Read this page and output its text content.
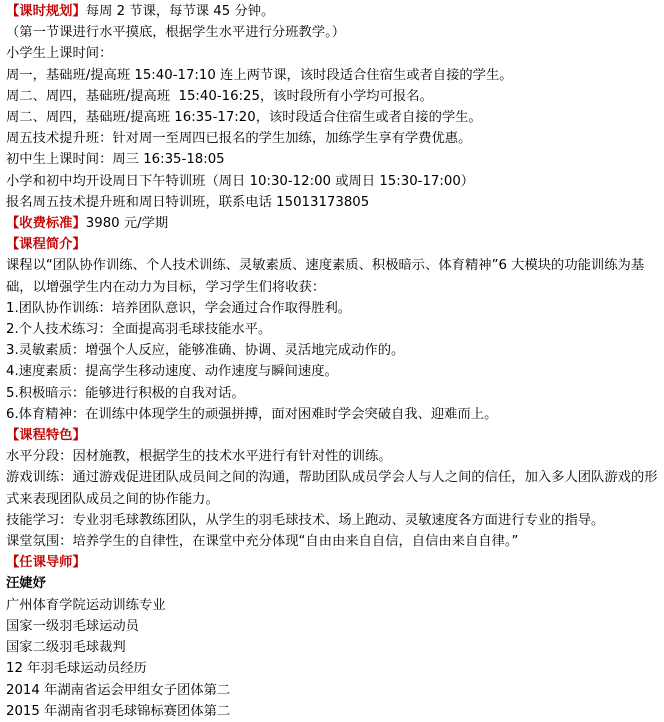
【课时规划】每周 2 节课，每节课 45 分钟。
（第一节课进行水平摸底，根据学生水平进行分班教学。）
小学生上课时间：
周一，基础班/提高班 15:40-17:10 连上两节课，该时段适合住宿生或者自接的学生。
周二、周四，基础班/提高班  15:40-16:25，该时段所有小学均可报名。
周二、周四，基础班/提高班 16:35-17:20，该时段适合住宿生或者自接的学生。
周五技术提升班：针对周一至周四已报名的学生加练，加练学生享有学费优惠。
初中生上课时间：周三 16:35-18:05
小学和初中均开设周日下午特训班（周日 10:30-12:00 或周日 15:30-17:00）
报名周五技术提升班和周日特训班，联系电话 15013173805
【收费标准】3980 元/学期
【课程简介】
课程以“团队协作训练、个人技术训练、灵敏素质、速度素质、积极暗示、体育精神”6 大模块的功能训练为基础，以增强学生内在动力为目标，学习学生们将收获：
1.团队协作训练：培养团队意识，学会通过合作取得胜利。
2.个人技术练习：全面提高羽毛球技能水平。
3.灵敏素质：增强个人反应，能够准确、协调、灵活地完成动作的。
4.速度素质：提高学生移动速度、动作速度与瞬间速度。
5.积极暗示：能够进行积极的自我对话。
6.体育精神：在训练中体现学生的顽强拼搏，面对困难时学会突破自我、迎难而上。
【课程特色】
水平分段：因材施教，根据学生的技术水平进行有针对性的训练。
游戏训练：通过游戏促进团队成员间之间的沟通，帮助团队成员学会人与人之间的信任，加入多人团队游戏的形式来表现团队成员之间的协作能力。
技能学习：专业羽毛球教练团队，从学生的羽毛球技术、场上跑动、灵敏速度各方面进行专业的指导。
课堂氛围：培养学生的自律性，在课堂中充分体现“自由由来自自信，自信由来自自律。”
【任课导师】
汪婕妤
广州体育学院运动训练专业
国家一级羽毛球运动员
国家二级羽毛球裁判
12 年羽毛球运动员经历
2014 年湖南省运会甲组女子团体第二
2015 年湖南省羽毛球锦标赛团体第二
